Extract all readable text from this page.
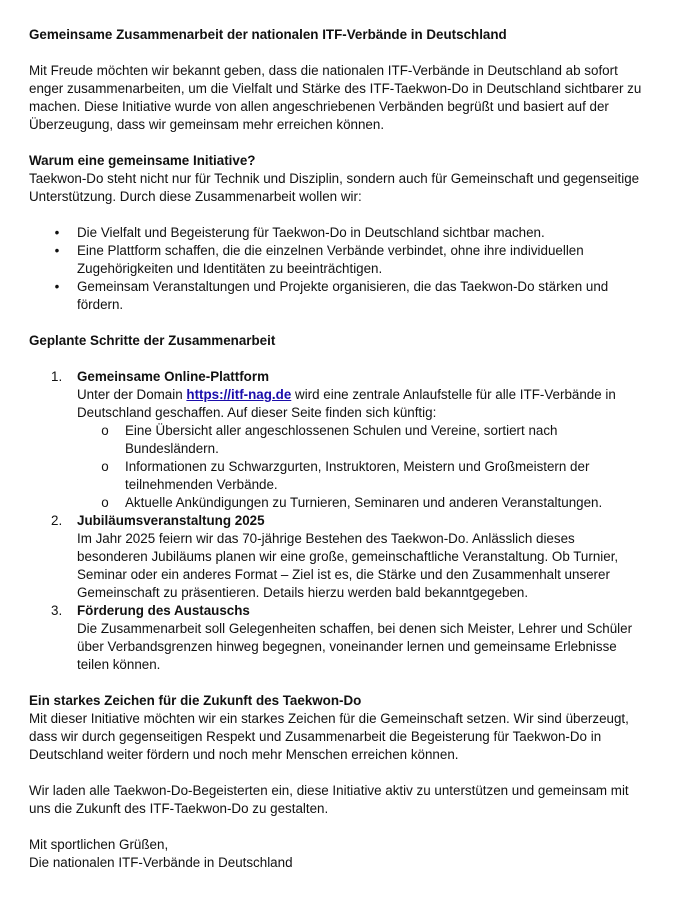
Gemeinsame Zusammenarbeit der nationalen ITF-Verbände in Deutschland

Mit Freude möchten wir bekannt geben, dass die nationalen ITF-Verbände in Deutschland ab sofort enger zusammenarbeiten, um die Vielfalt und Stärke des ITF-Taekwon-Do in Deutschland sichtbarer zu machen. Diese Initiative wurde von allen angeschriebenen Verbänden begrüßt und basiert auf der Überzeugung, dass wir gemeinsam mehr erreichen können.

Warum eine gemeinsame Initiative?

Taekwon-Do steht nicht nur für Technik und Disziplin, sondern auch für Gemeinschaft und gegenseitige Unterstützung. Durch diese Zusammenarbeit wollen wir:

• Die Vielfalt und Begeisterung für Taekwon-Do in Deutschland sichtbar machen.
• Eine Plattform schaffen, die die einzelnen Verbände verbindet, ohne ihre individuellen Zugehörigkeiten und Identitäten zu beeinträchtigen.
• Gemeinsam Veranstaltungen und Projekte organisieren, die das Taekwon-Do stärken und fördern.

Geplante Schritte der Zusammenarbeit

1. Gemeinsame Online-Plattform
Unter der Domain https://itf-nag.de wird eine zentrale Anlaufstelle für alle ITF-Verbände in Deutschland geschaffen. Auf dieser Seite finden sich künftig:
o Eine Übersicht aller angeschlossenen Schulen und Vereine, sortiert nach Bundesländern.
o Informationen zu Schwarzgurten, Instruktoren, Meistern und Großmeistern der teilnehmenden Verbände.
o Aktuelle Ankündigungen zu Turnieren, Seminaren und anderen Veranstaltungen.
2. Jubiläumsveranstaltung 2025
Im Jahr 2025 feiern wir das 70-jährige Bestehen des Taekwon-Do. Anlässlich dieses besonderen Jubiläums planen wir eine große, gemeinschaftliche Veranstaltung. Ob Turnier, Seminar oder ein anderes Format – Ziel ist es, die Stärke und den Zusammenhalt unserer Gemeinschaft zu präsentieren. Details hierzu werden bald bekanntgegeben.
3. Förderung des Austauschs
Die Zusammenarbeit soll Gelegenheiten schaffen, bei denen sich Meister, Lehrer und Schüler über Verbandsgrenzen hinweg begegnen, voneinander lernen und gemeinsame Erlebnisse teilen können.

Ein starkes Zeichen für die Zukunft des Taekwon-Do

Mit dieser Initiative möchten wir ein starkes Zeichen für die Gemeinschaft setzen. Wir sind überzeugt, dass wir durch gegenseitigen Respekt und Zusammenarbeit die Begeisterung für Taekwon-Do in Deutschland weiter fördern und noch mehr Menschen erreichen können.

Wir laden alle Taekwon-Do-Begeisterten ein, diese Initiative aktiv zu unterstützen und gemeinsam mit uns die Zukunft des ITF-Taekwon-Do zu gestalten.

Mit sportlichen Grüßen,

Die nationalen ITF-Verbände in Deutschland
